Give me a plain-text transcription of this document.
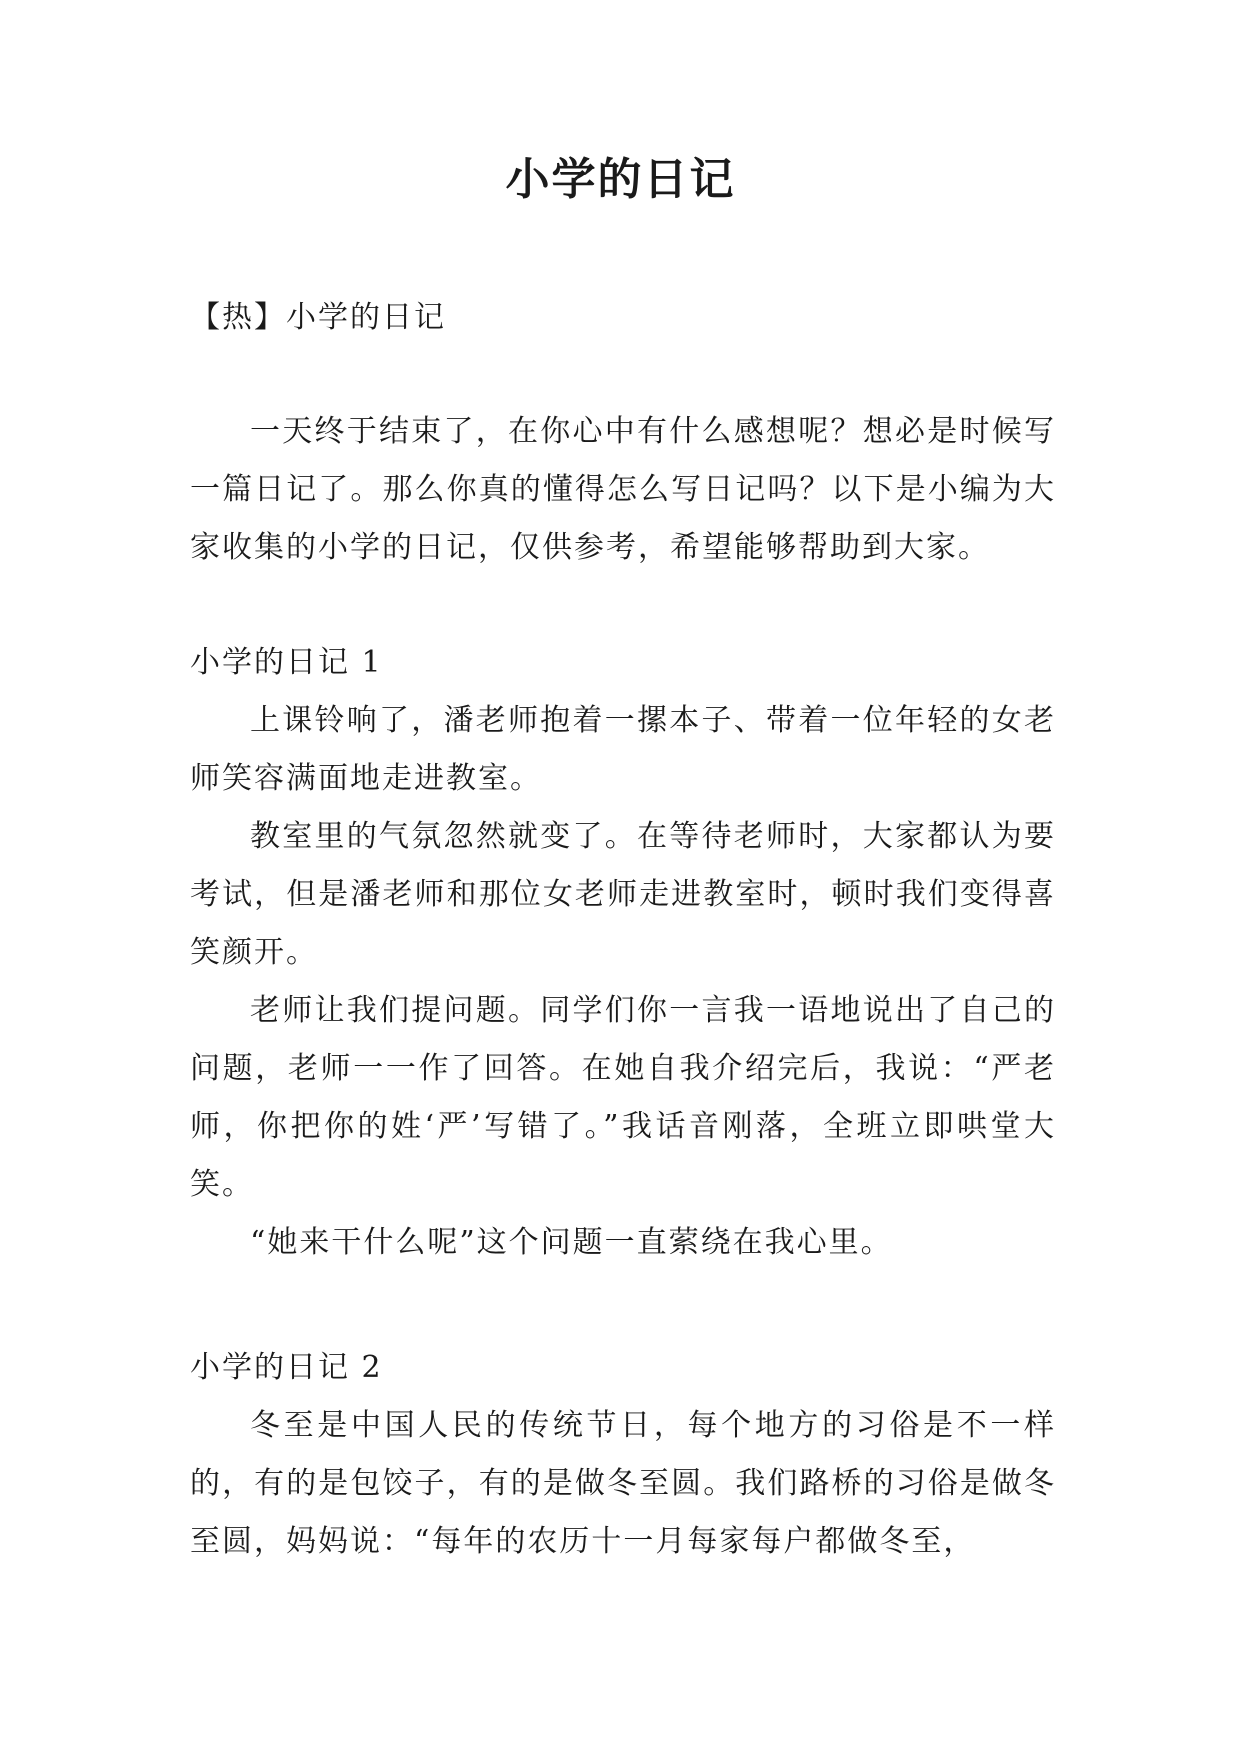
小学的日记
【热】小学的日记

一天终于结束了，在你心中有什么感想呢？想必是时候写一篇日记了。那么你真的懂得怎么写日记吗？以下是小编为大家收集的小学的日记，仅供参考，希望能够帮助到大家。

小学的日记 1

上课铃响了，潘老师抱着一摞本子、带着一位年轻的女老师笑容满面地走进教室。

教室里的气氛忽然就变了。在等待老师时，大家都认为要考试，但是潘老师和那位女老师走进教室时，顿时我们变得喜笑颜开。

老师让我们提问题。同学们你一言我一语地说出了自己的问题，老师一一作了回答。在她自我介绍完后，我说：“严老师，你把你的姓‘严’写错了。”我话音刚落，全班立即哄堂大笑。

“她来干什么呢”这个问题一直萦绕在我心里。

小学的日记 2

冬至是中国人民的传统节日，每个地方的习俗是不一样的，有的是包饺子，有的是做冬至圆。我们路桥的习俗是做冬至圆，妈妈说：“每年的农历十一月每家每户都做冬至，
